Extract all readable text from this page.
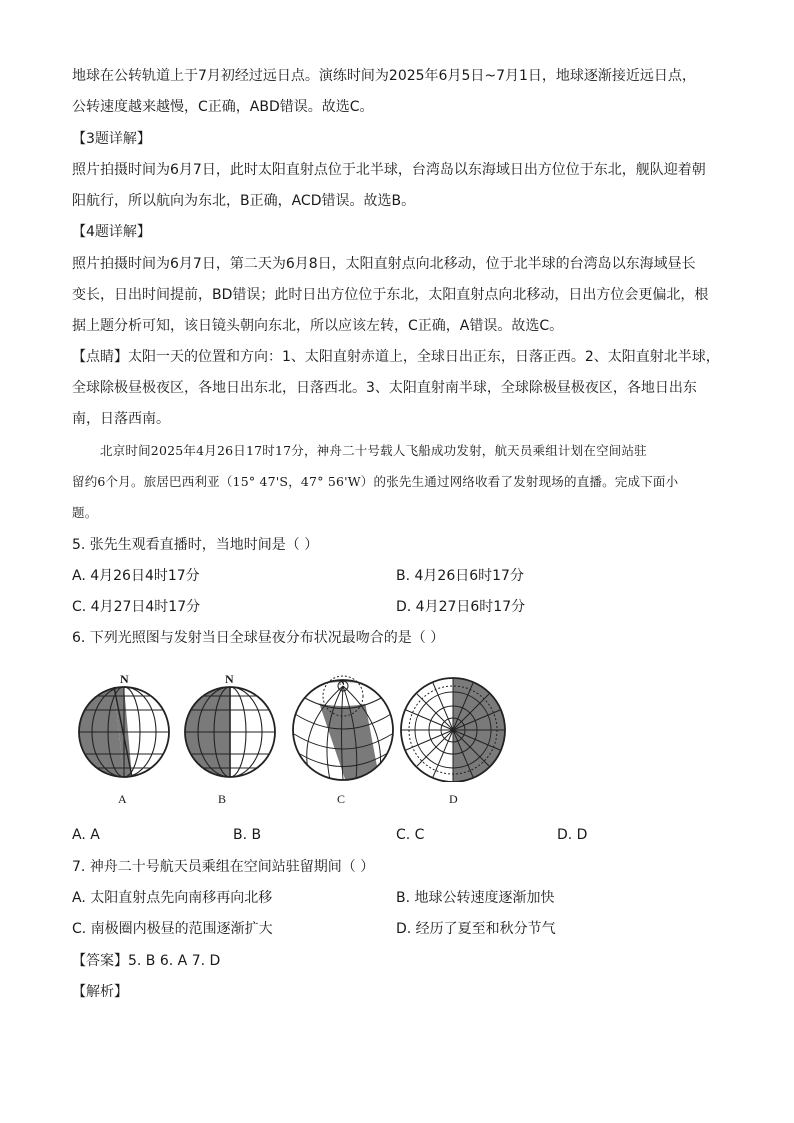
地球在公转轨道上于7月初经过远日点。演练时间为2025年6月5日~7月1日，地球逐渐接近远日点，
公转速度越来越慢，C正确，ABD错误。故选C。
【3题详解】
照片拍摄时间为6月7日，此时太阳直射点位于北半球，台湾岛以东海域日出方位位于东北，舰队迎着朝
阳航行，所以航向为东北，B正确，ACD错误。故选B。
【4题详解】
照片拍摄时间为6月7日，第二天为6月8日，太阳直射点向北移动，位于北半球的台湾岛以东海域昼长
变长，日出时间提前，BD错误；此时日出方位位于东北，太阳直射点向北移动，日出方位会更偏北，根
据上题分析可知，该日镜头朝向东北，所以应该左转，C正确，A错误。故选C。
【点睛】太阳一天的位置和方向：1、太阳直射赤道上，全球日出正东，日落正西。2、太阳直射北半球，
全球除极昼极夜区，各地日出东北，日落西北。3、太阳直射南半球，全球除极昼极夜区，各地日出东
南，日落西南。
北京时间2025年4月26日17时17分，神舟二十号载人飞船成功发射，航天员乘组计划在空间站驻
留约6个月。旅居巴西利亚（15° 47'S，47° 56'W）的张先生通过网络收看了发射现场的直播。完成下面小
题。
5. 张先生观看直播时，当地时间是（ ）
A. 4月26日4时17分	B. 4月26日6时17分
C. 4月27日4时17分	D. 4月27日6时17分
6. 下列光照图与发射当日全球昼夜分布状况最吻合的是（ ）
N	N	N
A	B	C	D
A. A	B. B	C. C	D. D
7. 神舟二十号航天员乘组在空间站驻留期间（ ）
A. 太阳直射点先向南移再向北移	B. 地球公转速度逐渐加快
C. 南极圈内极昼的范围逐渐扩大	D. 经历了夏至和秋分节气
【答案】5. B 6. A 7. D
【解析】
